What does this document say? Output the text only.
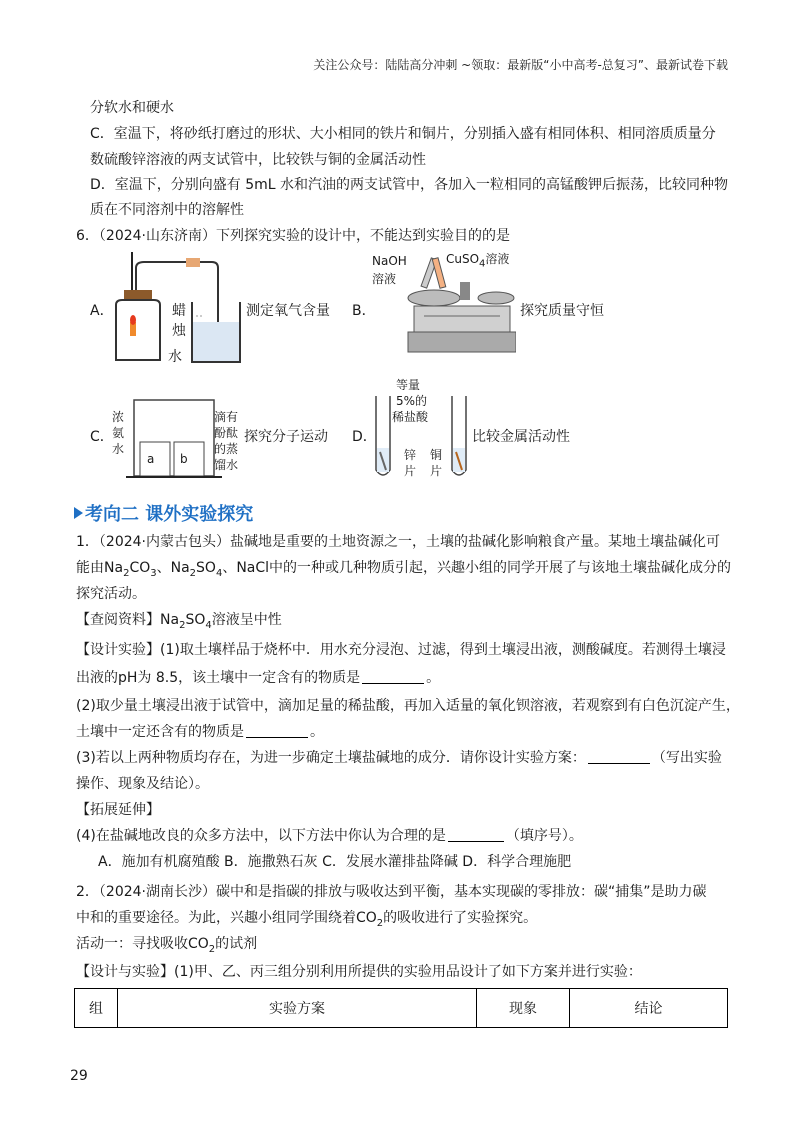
关注公众号：陆陆高分冲刺 ~领取：最新版“小中高考-总复习”、最新试卷下载
分软水和硬水
C．室温下，将砂纸打磨过的形状、大小相同的铁片和铜片，分别插入盛有相同体积、相同溶质质量分
数硫酸锌溶液的两支试管中，比较铁与铜的金属活动性
D．室温下，分别向盛有 5mL 水和汽油的两支试管中，各加入一粒相同的高锰酸钾后振荡，比较同种物
质在不同溶剂中的溶解性
6．（2024·山东济南）下列探究实验的设计中，不能达到实验目的的是
A．	蜡
烛
水
测定氧气含量 B．
NaOH
溶液
CuSO$_4$溶液
探究质量守恒
C．
浓
氨
水
a b
滴有
酚酞
的蒸
馏水
探究分子运动 D．
等量
5%的
稀盐酸
锌
片
铜
片
比较金属活动性
考向二 课外实验探究
1．（2024·内蒙古包头）盐碱地是重要的土地资源之一，土壤的盐碱化影响粮食产量。某地土壤盐碱化可
能由$Na_2CO_3$、$Na_2SO_4$、NaCl中的一种或几种物质引起，兴趣小组的同学开展了与该地土壤盐碱化成分的
探究活动。
【查阅资料】$Na_2SO_4$溶液呈中性
【设计实验】(1)取土壤样品于烧杯中．用水充分浸泡、过滤，得到土壤浸出液，测酸碱度。若测得土壤浸
出液的pH为 8.5，该土壤中一定含有的物质是	。
(2)取少量土壤浸出液于试管中，滴加足量的稀盐酸，再加入适量的氧化钡溶液，若观察到有白色沉淀产生，
土壤中一定还含有的物质是	。
(3)若以上两种物质均存在，为进一步确定土壤盐碱地的成分．请你设计实验方案：	（写出实验
操作、现象及结论）。
【拓展延伸】
(4)在盐碱地改良的众多方法中，以下方法中你认为合理的是	（填序号）。
A．施加有机腐殖酸 B．施撒熟石灰 C．发展水灌排盐降碱 D．科学合理施肥
2．（2024·湖南长沙）碳中和是指碳的排放与吸收达到平衡，基本实现碳的零排放：碳“捕集”是助力碳
中和的重要途径。为此，兴趣小组同学围绕着$CO_2$的吸收进行了实验探究。
活动一：寻找吸收$CO_2$的试剂
【设计与实验】(1)甲、乙、丙三组分别利用所提供的实验用品设计了如下方案并进行实验：
组	实验方案	现象	结论
29
